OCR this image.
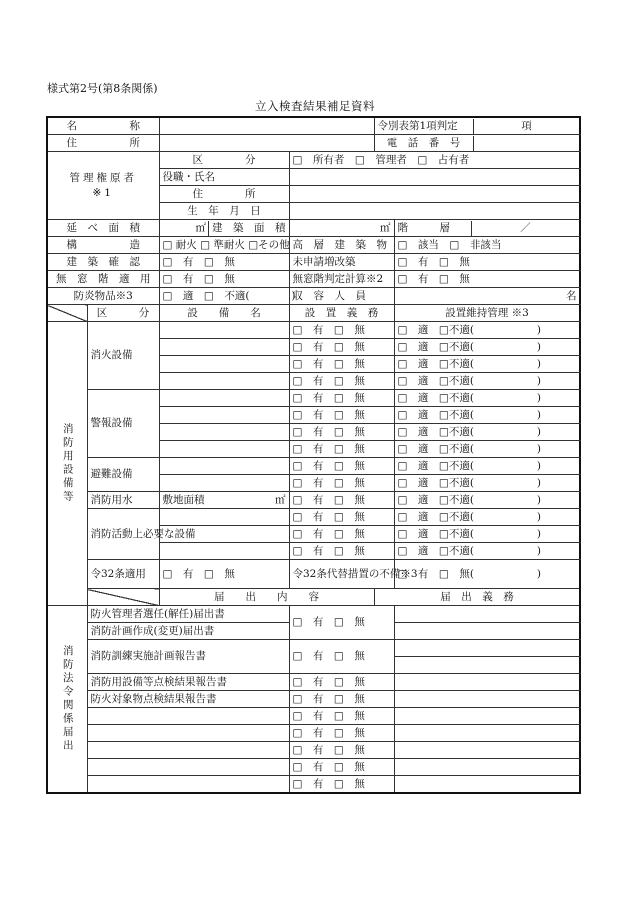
様式第2号(第8条関係)
立入検査結果補足資料
名　　　　　称				令別表第1項判定 項		

住　　　　　所				電　話　番　号		

管理権原者
※1		区　　　　分	□　所有者　□　管理者　□　占有者			
		役職・氏名				
		住　　　　所				
		生　年　月　日				
延　べ　面　積		㎡ 建　築　面　積	㎡		階　　　層 ／	

構　　　　　造		□ 耐火 □ 準耐火 □その他	高　層　建　築　物		□　該当　□　非該当	
建　築　確　認		□　有　□　無	未申請増改築		□　有　□　無	
無　窓　階　適　用		□　有　□　無	無窓階判定計算※2		□　有　□　無	
防炎物品※3		□　適　□　不適(　　　　)	収　容　人　員		名	
	区　　　分	設　　備　　名	設　置　義　務		設置維持管理 ※3	
消防用設備等	消火設備		□　有　□　無		□　適　□不適(　　　　　　)	
			□　有　□　無		□　適　□不適(　　　　　　)	
			□　有　□　無		□　適　□不適(　　　　　　)	
			□　有　□　無		□　適　□不適(　　　　　　)	
	警報設備		□　有　□　無		□　適　□不適(　　　　　　)	
			□　有　□　無		□　適　□不適(　　　　　　)	
			□　有　□　無		□　適　□不適(　　　　　　)	
			□　有　□　無		□　適　□不適(　　　　　　)	
	避難設備		□　有　□　無		□　適　□不適(　　　　　　)	
			□　有　□　無		□　適　□不適(　　　　　　)	
	消防用水	敷地面積 ㎡	□　有　□　無		□　適　□不適(　　　　　　)	
	消防活動上必要な設備		□　有　□　無		□　適　□不適(　　　　　　)	
			□　有　□　無		□　適　□不適(　　　　　　)	
			□　有　□　無		□　適　□不適(　　　　　　)	
	令32条適用	□　有　□　無	令32条代替措置の不備※3		□　有　□　無(　　　　　　)	
		届　　出　　内　　容		届　出　義　務	
消防法令関係届出	防火管理者選任(解任)届出書		□　有　□　無			
	消防計画作成(変更)届出書					
	消防訓練実施計画報告書		□　有　□　無			

	消防用設備等点検結果報告書		□　有　□　無			
	防火対象物点検結果報告書		□　有　□　無			
			□　有　□　無			
			□　有　□　無			
			□　有　□　無			
			□　有　□　無			
			□　有　□　無			
